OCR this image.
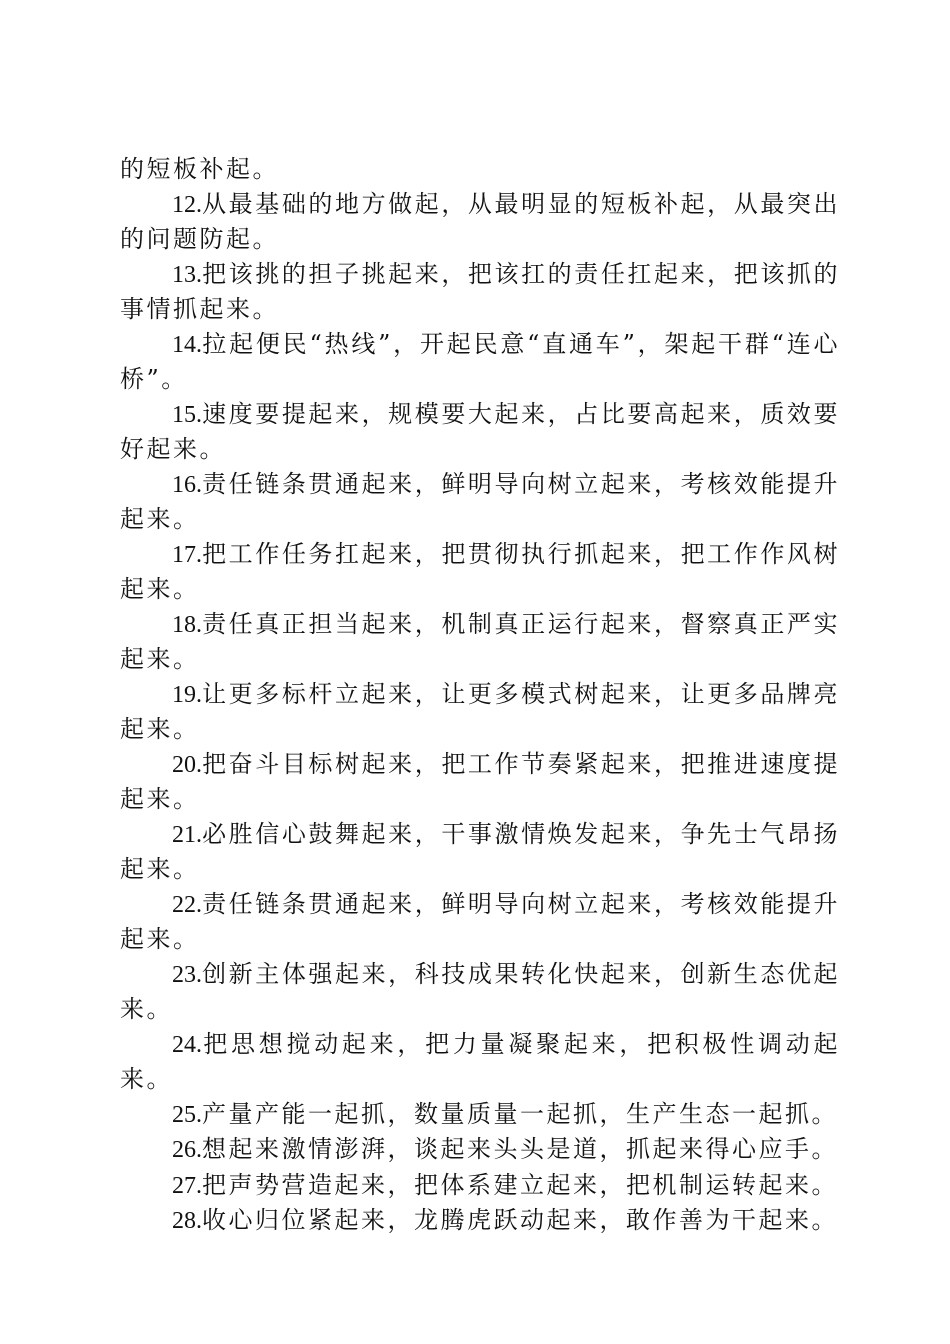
的短板补起。

12.从最基础的地方做起，从最明显的短板补起，从最突出的问题防起。

13.把该挑的担子挑起来，把该扛的责任扛起来，把该抓的事情抓起来。

14.拉起便民“热线”，开起民意“直通车”，架起干群“连心桥”。

15.速度要提起来，规模要大起来，占比要高起来，质效要好起来。

16.责任链条贯通起来，鲜明导向树立起来，考核效能提升起来。

17.把工作任务扛起来，把贯彻执行抓起来，把工作作风树起来。

18.责任真正担当起来，机制真正运行起来，督察真正严实起来。

19.让更多标杆立起来，让更多模式树起来，让更多品牌亮起来。

20.把奋斗目标树起来，把工作节奏紧起来，把推进速度提起来。

21.必胜信心鼓舞起来，干事激情焕发起来，争先士气昂扬起来。

22.责任链条贯通起来，鲜明导向树立起来，考核效能提升起来。

23.创新主体强起来，科技成果转化快起来，创新生态优起来。

24.把思想搅动起来，把力量凝聚起来，把积极性调动起来。

25.产量产能一起抓，数量质量一起抓，生产生态一起抓。

26.想起来激情澎湃，谈起来头头是道，抓起来得心应手。

27.把声势营造起来，把体系建立起来，把机制运转起来。

28.收心归位紧起来，龙腾虎跃动起来，敢作善为干起来。
